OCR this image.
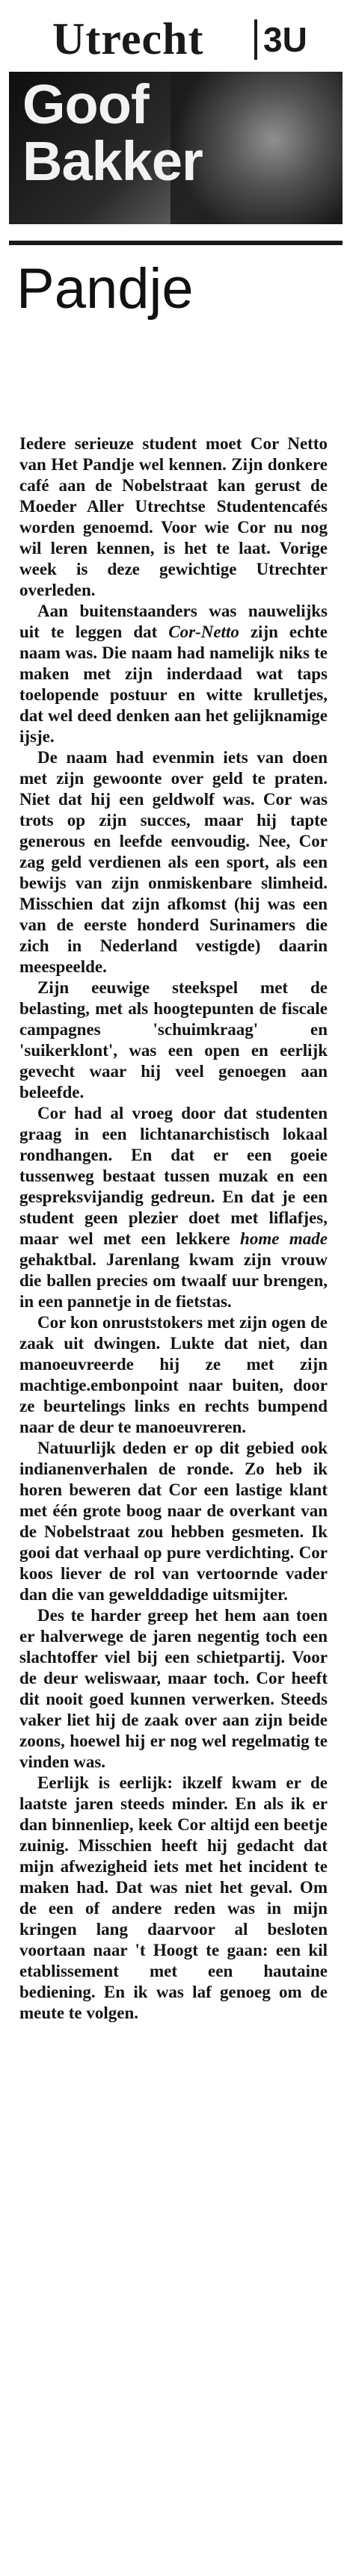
Utrecht 3U
Goof
Bakker
Pandje

Iedere serieuze student moet Cor Netto van Het Pandje wel kennen. Zijn donkere café aan de Nobelstraat kan gerust de Moeder Aller Utrechtse Studentencafés worden genoemd. Voor wie Cor nu nog wil leren kennen, is het te laat. Vorige week is deze gewichtige Utrechter overleden.

Aan buitenstaanders was nauwelijks uit te leggen dat Cor-Netto zijn echte naam was. Die naam had namelijk niks te maken met zijn inderdaad wat taps toelopende postuur en witte krulletjes, dat wel deed denken aan het gelijknamige ijsje.

De naam had evenmin iets van doen met zijn gewoonte over geld te praten. Niet dat hij een geldwolf was. Cor was trots op zijn succes, maar hij tapte generous en leefde eenvoudig. Nee, Cor zag geld verdienen als een sport, als een bewijs van zijn onmiskenbare slimheid. Misschien dat zijn afkomst (hij was een van de eerste honderd Surinamers die zich in Nederland vestigde) daarin meespeelde.

Zijn eeuwige steekspel met de belasting, met als hoogtepunten de fiscale campagnes 'schuimkraag' en 'suikerklont', was een open en eerlijk gevecht waar hij veel genoegen aan beleefde.

Cor had al vroeg door dat studenten graag in een lichtanarchistisch lokaal rondhangen. En dat er een goeie tussenweg bestaat tussen muzak en een gespreksvijandig gedreun. En dat je een student geen plezier doet met liflafjes, maar wel met een lekkere home made gehaktbal. Jarenlang kwam zijn vrouw die ballen precies om twaalf uur brengen, in een pannetje in de fietstas.

Cor kon onruststokers met zijn ogen de zaak uit dwingen. Lukte dat niet, dan manoeuvreerde hij ze met zijn machtige.embonpoint naar buiten, door ze beurtelings links en rechts bumpend naar de deur te manoeuvreren.

Natuurlijk deden er op dit gebied ook indianenverhalen de ronde. Zo heb ik horen beweren dat Cor een lastige klant met één grote boog naar de overkant van de Nobelstraat zou hebben gesmeten. Ik gooi dat verhaal op pure verdichting. Cor koos liever de rol van vertoornde vader dan die van gewelddadige uitsmijter.

Des te harder greep het hem aan toen er halverwege de jaren negentig toch een slachtoffer viel bij een schietpartij. Voor de deur weliswaar, maar toch. Cor heeft dit nooit goed kunnen verwerken. Steeds vaker liet hij de zaak over aan zijn beide zoons, hoewel hij er nog wel regelmatig te vinden was.

Eerlijk is eerlijk: ikzelf kwam er de laatste jaren steeds minder. En als ik er dan binnenliep, keek Cor altijd een beetje zuinig. Misschien heeft hij gedacht dat mijn afwezigheid iets met het incident te maken had. Dat was niet het geval. Om de een of andere reden was in mijn kringen lang daarvoor al besloten voortaan naar 't Hoogt te gaan: een kil etablissement met een hautaine bediening. En ik was laf genoeg om de meute te volgen.
